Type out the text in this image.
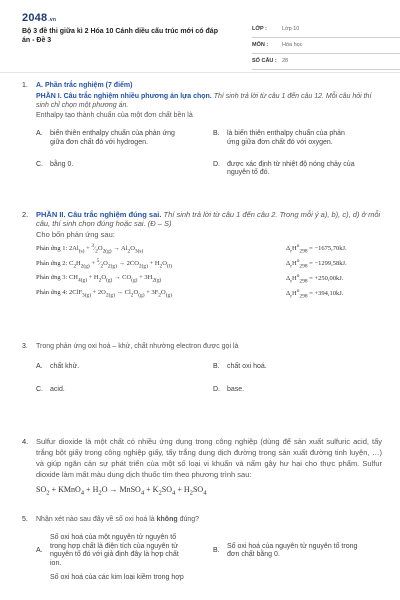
2048.vn
Bộ 3 đề thi giữa kì 2 Hóa 10 Cánh diều cấu trúc mới có đáp án - Đề 3
LỚP :	Lớp 10
MÔN :	Hóa học
SỐ CÂU : 28
1.	A. Phần trắc nghiệm (7 điểm)
PHẦN I. Câu trắc nghiệm nhiều phương án lựa chọn. Thí sinh trả lời từ câu 1 đến câu 12. Mỗi câu hỏi thí sinh chỉ chọn một phương án.
Enthalpy tạo thành chuẩn của một đơn chất bền là
A.	biến thiên enthalpy chuẩn của phản ứng giữa đơn chất đó với hydrogen.
B.	là biến thiên enthalpy chuẩn của phản ứng giữa đơn chất đó với oxygen.
C.	bằng 0.	D.	được xác định từ nhiệt độ nóng chảy của nguyên tố đó.
2.	PHẦN II. Câu trắc nghiệm đúng sai. Thí sinh trả lời từ câu 1 đến câu 2. Trong mỗi ý a), b), c), d) ở mỗi câu, thí sinh chọn đúng hoặc sai. (Đ – S)
Cho bốn phản ứng sau:
Phản ứng 1: $2Al_{(s)}$ + $^3⁄_2O_{2(g)} \to Al_2O_{3(s)}$	$\Delta_rH^o_{298} = -1675,70kJ$.
Phản ứng 2: $C_2H_{2(g)}$ + $^5⁄_2O_{2(g)} \to 2CO_{2(g)} + H_2O_{(l)}$	$\Delta_rH^o_{298} = -1299,58kJ$.
Phản ứng 3: $CH_{4(g)} + H_2O_{(g)} \to CO_{(g)} + 3H_{2(g)}$	$\Delta_rH^o_{298} = +250,00kJ$.
Phản ứng 4: $2ClF_{3(g)} + 2O_{2(g)} \to Cl_2O_{(g)} + 3F_2O_{(g)}$	$\Delta_rH^o_{298} = +394,10kJ$.
3.	Trong phản ứng oxi hoá – khử, chất nhường electron được gọi là
A.	chất khử.	B.	chất oxi hoá.
C.	acid.	D.	base.
4.	Sulfur dioxide là một chất có nhiều ứng dụng trong công nghiệp (dùng để sản xuất sulfuric acid, tẩy trắng bột giấy trong công nghiệp giấy, tẩy trắng dung dịch đường trong sản xuất đường tinh luyện, …) và giúp ngăn cản sự phát triển của một số loại vi khuẩn và nấm gây hư hại cho thực phẩm. Sulfur dioxide làm mất màu dung dịch thuốc tím theo phương trình sau:
$SO_2$ + KMnO$_4$ + $H_2O$ → MnSO$_4$ + $K_2SO_4 + H_2SO_4$
5.	Nhận xét nào sau đây về số oxi hoá là không đúng?
A.
Số oxi hoá của một nguyên tử nguyên tố trong hợp chất là điện tích của nguyên tử nguyên tố đó với giả định đây là hợp chất ion.
B.
Số oxi hoá của nguyên tử nguyên tố trong đơn chất bằng 0.
Số oxi hoá của các kim loại kiềm trong hợp
